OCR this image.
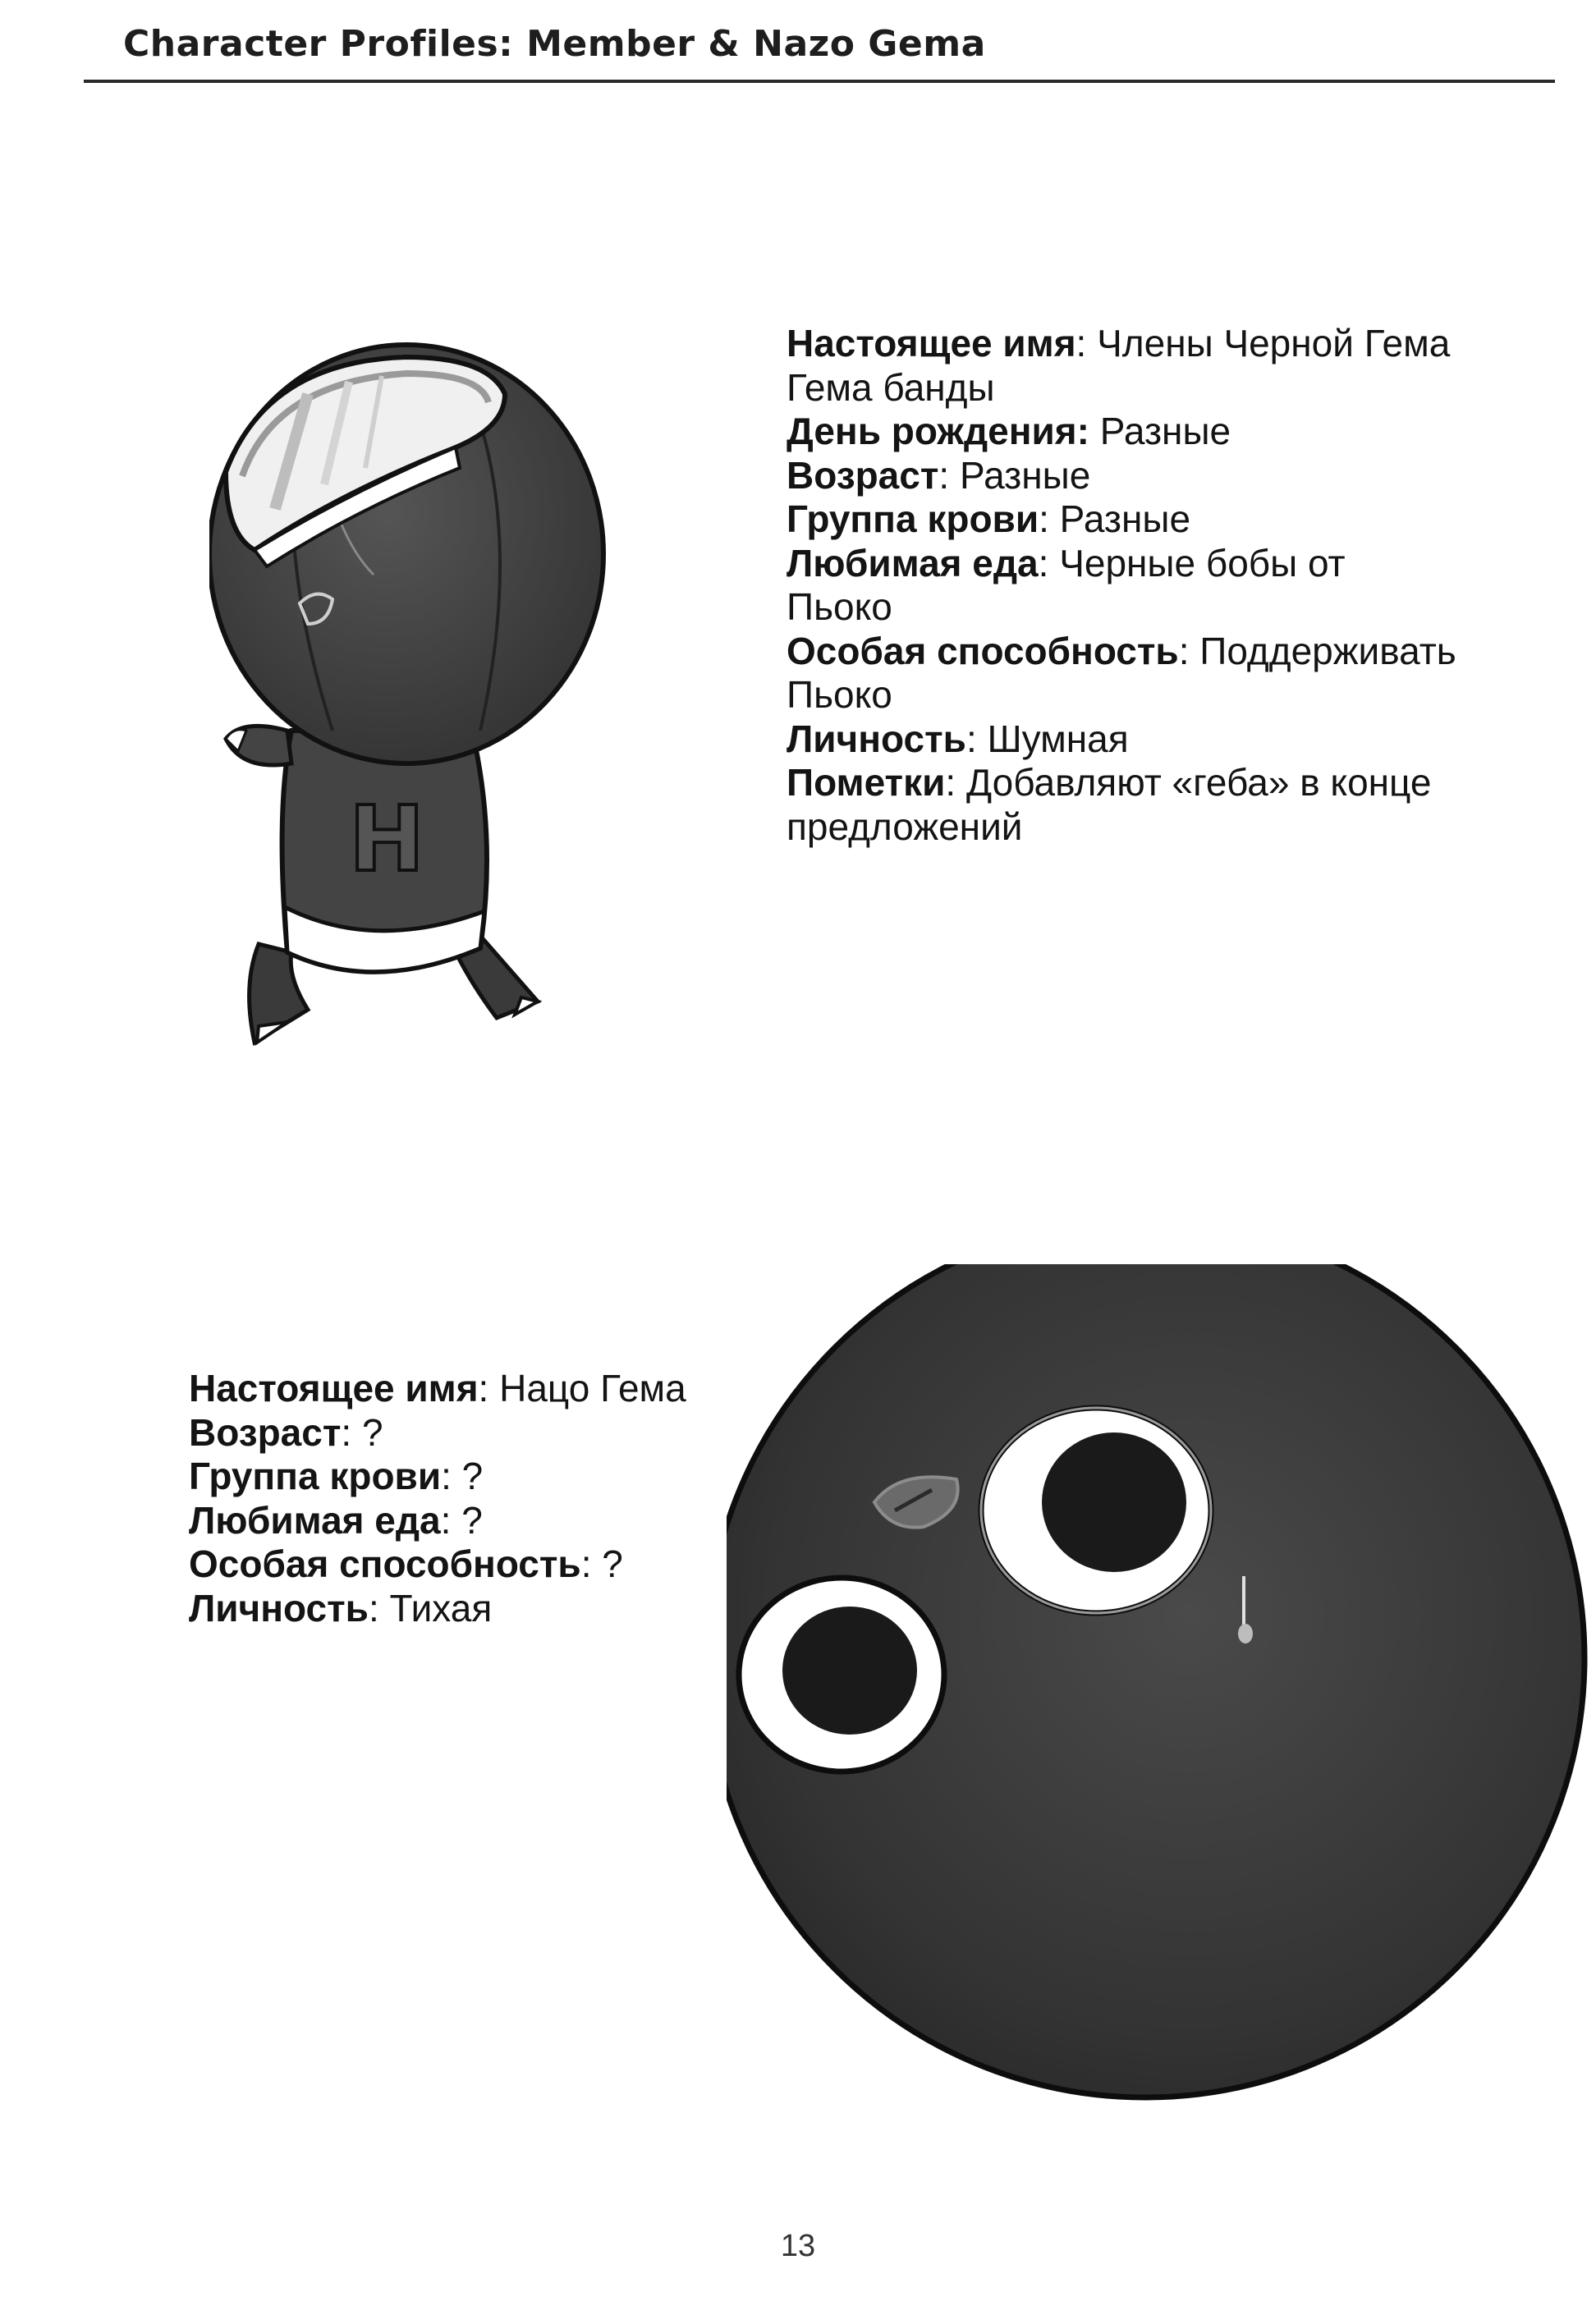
Character Profiles: Member & Nazo Gema
H
Настоящее имя: Члены Черной Гема
Гема банды
День рождения: Разные
Возраст: Разные
Группа крови: Разные
Любимая еда: Черные бобы от
Пьоко
Особая способность: Поддерживать
Пьоко
Личность: Шумная
Пометки: Добавляют «геба» в конце
предложений
Настоящее имя: Нацо Гема
Возраст: ?
Группа крови: ?
Любимая еда: ?
Особая способность: ?
Личность: Тихая
13
